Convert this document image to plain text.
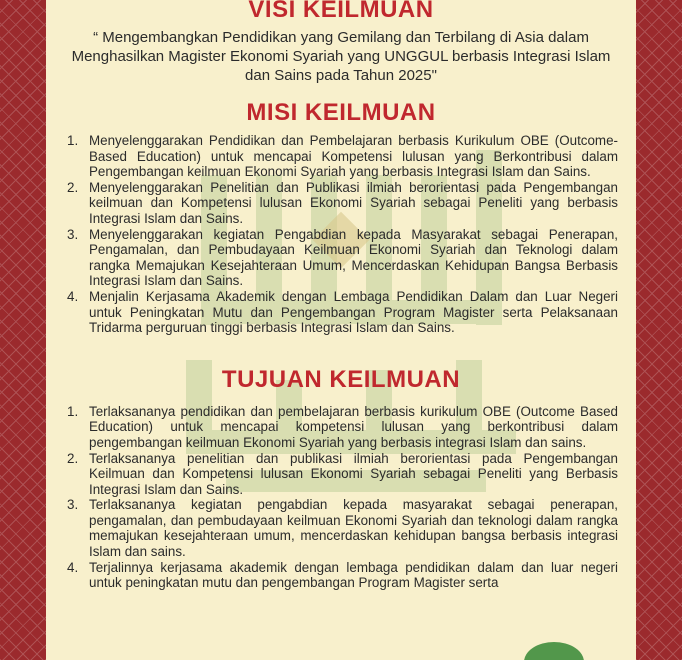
VISI KEILMUAN

“ Mengembangkan Pendidikan yang Gemilang dan Terbilang di Asia dalam Menghasilkan Magister Ekonomi Syariah yang UNGGUL berbasis Integrasi Islam dan Sains pada Tahun 2025"

MISI KEILMUAN
1. Menyelenggarakan Pendidikan dan Pembelajaran berbasis Kurikulum OBE (Outcome-Based Education) untuk mencapai Kompetensi lulusan yang Berkontribusi dalam Pengembangan keilmuan Ekonomi Syariah yang berbasis Integrasi Islam dan Sains.
2. Menyelenggarakan Penelitian dan Publikasi ilmiah berorientasi pada Pengembangan keilmuan dan Kompetensi lulusan Ekonomi Syariah sebagai Peneliti yang berbasis Integrasi Islam dan Sains.
3. Menyelenggarakan kegiatan Pengabdian kepada Masyarakat sebagai Penerapan, Pengamalan, dan Pembudayaan Keilmuan Ekonomi Syariah dan Teknologi dalam rangka Memajukan Kesejahteraan Umum, Mencerdaskan Kehidupan Bangsa Berbasis Integrasi Islam dan Sains.
4. Menjalin Kerjasama Akademik dengan Lembaga Pendidikan Dalam dan Luar Negeri untuk Peningkatan Mutu dan Pengembangan Program Magister serta Pelaksanaan Tridarma perguruan tinggi berbasis Integrasi Islam dan Sains.
TUJUAN KEILMUAN
1. Terlaksananya pendidikan dan pembelajaran berbasis kurikulum OBE (Outcome Based Education) untuk mencapai kompetensi lulusan yang berkontribusi dalam pengembangan keilmuan Ekonomi Syariah yang berbasis integrasi Islam dan sains.
2. Terlaksananya penelitian dan publikasi ilmiah berorientasi pada Pengembangan Keilmuan dan Kompetensi lulusan Ekonomi Syariah sebagai Peneliti yang Berbasis Integrasi Islam dan Sains.
3. Terlaksananya kegiatan pengabdian kepada masyarakat sebagai penerapan, pengamalan, dan pembudayaan keilmuan Ekonomi Syariah dan teknologi dalam rangka memajukan kesejahteraan umum, mencerdaskan kehidupan bangsa berbasis integrasi Islam dan sains.
4. Terjalinnya kerjasama akademik dengan lembaga pendidikan dalam dan luar negeri untuk peningkatan mutu dan pengembangan Program Magister serta
